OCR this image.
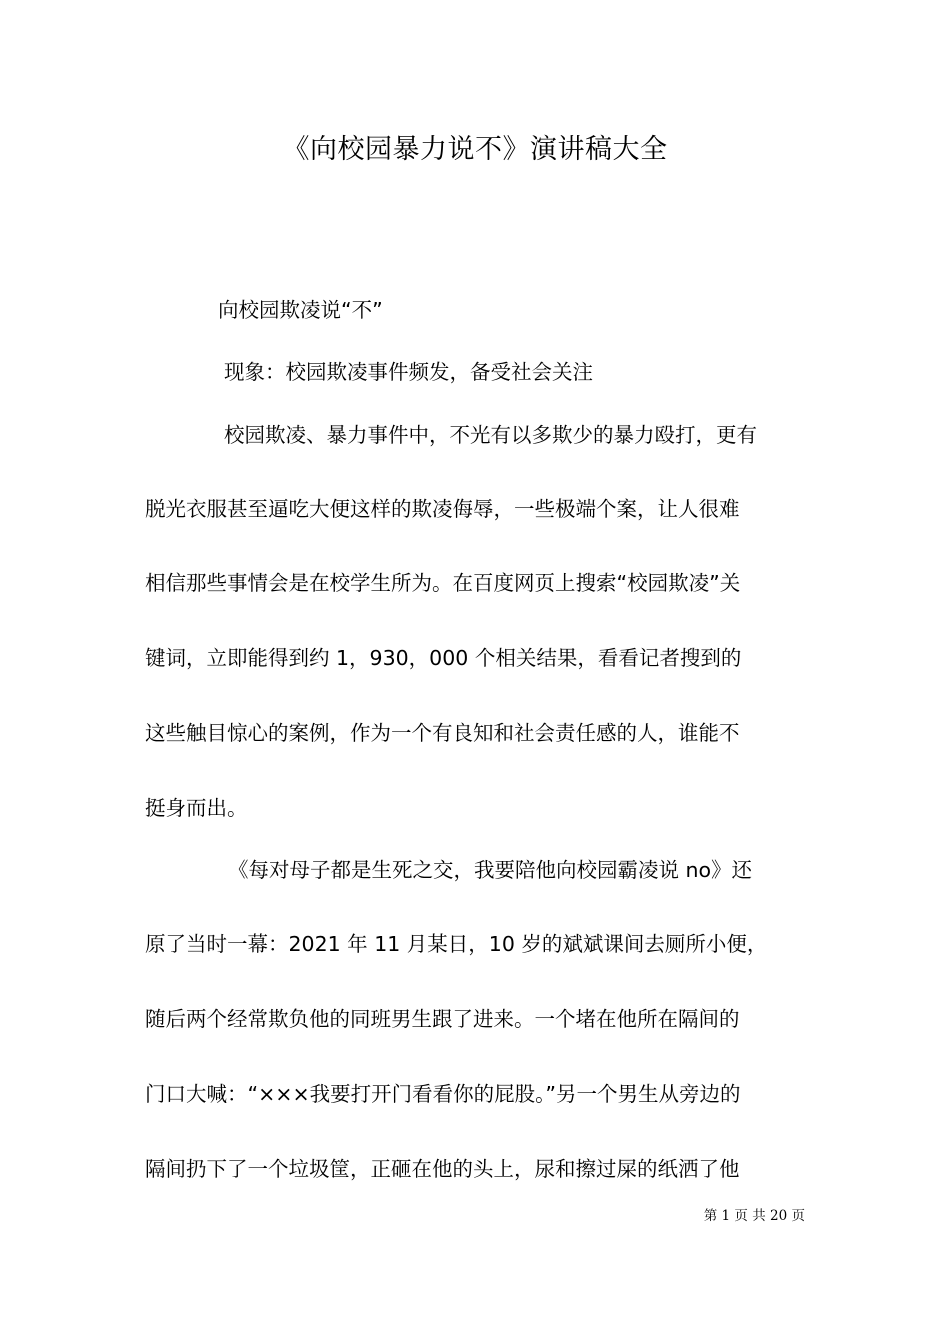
《向校园暴力说不》演讲稿大全
向校园欺凌说“不”
现象：校园欺凌事件频发，备受社会关注
校园欺凌、暴力事件中，不光有以多欺少的暴力殴打，更有
脱光衣服甚至逼吃大便这样的欺凌侮辱，一些极端个案，让人很难
相信那些事情会是在校学生所为。在百度网页上搜索“校园欺凌”关
键词，立即能得到约 1，930，000 个相关结果，看看记者搜到的
这些触目惊心的案例，作为一个有良知和社会责任感的人，谁能不
挺身而出。
《每对母子都是生死之交，我要陪他向校园霸凌说 no》还
原了当时一幕：2021 年 11 月某日，10 岁的斌斌课间去厕所小便，
随后两个经常欺负他的同班男生跟了进来。一个堵在他所在隔间的
门口大喊：“×××我要打开门看看你的屁股。”另一个男生从旁边的
隔间扔下了一个垃圾筐，正砸在他的头上，尿和擦过屎的纸洒了他
第 1 页 共 20 页
